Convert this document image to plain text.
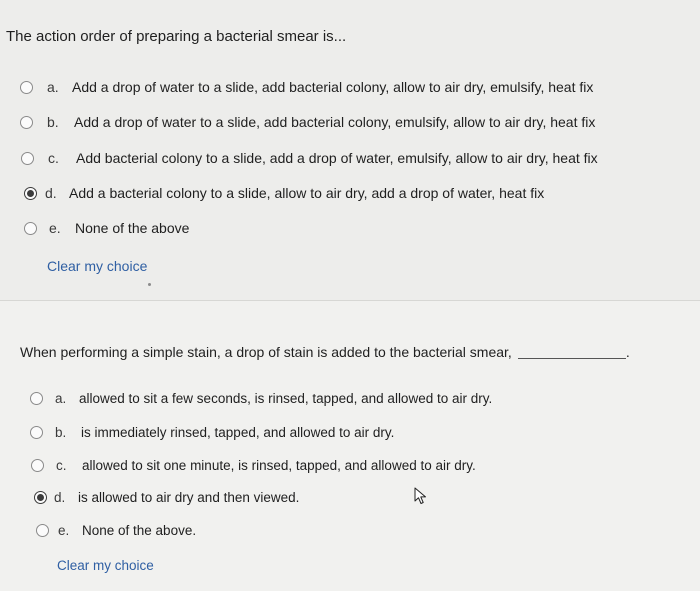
The action order of preparing a bacterial smear is...
a. Add a drop of water to a slide, add bacterial colony, allow to air dry, emulsify, heat fix
b.	Add a drop of water to a slide, add bacterial colony, emulsify, allow to air dry, heat fix
c.	Add bacterial colony to a slide, add a drop of water, emulsify, allow to air dry, heat fix
d. Add a bacterial colony to a slide, allow to air dry, add a drop of water, heat fix
e.	None of the above
Clear my choice
When performing a simple stain, a drop of stain is added to the bacterial smear,	.
a. allowed to sit a few seconds, is rinsed, tapped, and allowed to air dry.
b.	is immediately rinsed, tapped, and allowed to air dry.
c.	allowed to sit one minute, is rinsed, tapped, and allowed to air dry.
d. is allowed to air dry and then viewed.
e. None of the above.
Clear my choice
